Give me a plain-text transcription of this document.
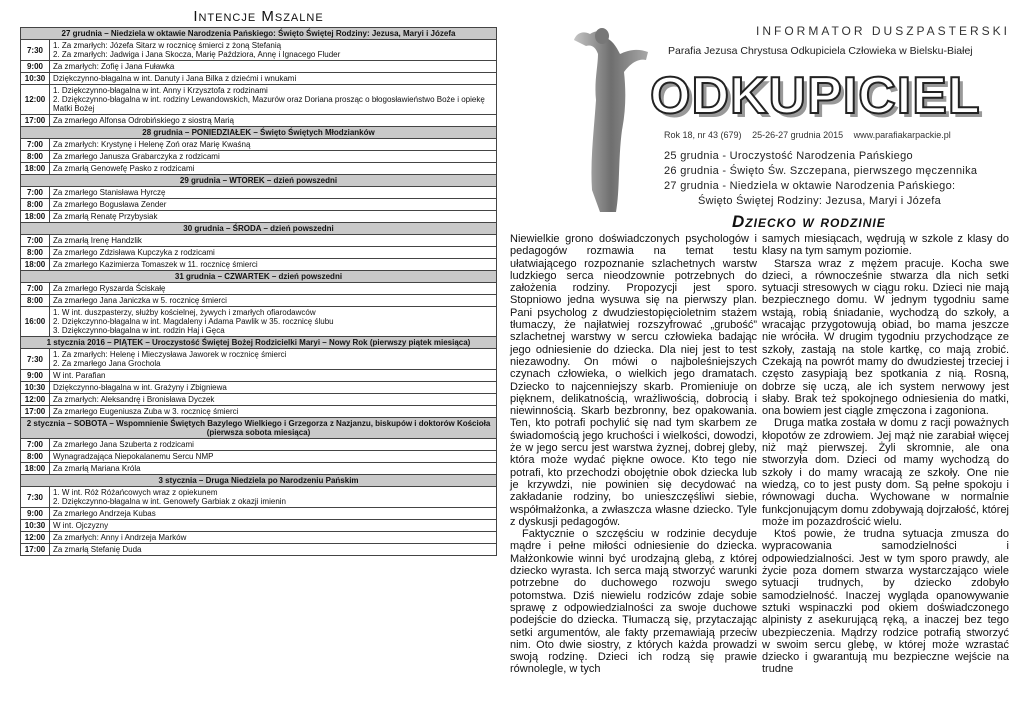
Intencje Mszalne
27 grudnia – Niedziela w oktawie Narodzenia Pańskiego: Święto Świętej Rodziny: Jezusa, Maryi i Józefa	
7:30	1. Za zmarłych: Józefa Sitarz w rocznicę śmierci z żoną Stefanią
2. Za zmarłych: Jadwiga i Jana Skocza, Marię Paździora, Annę i Ignacego Fluder

9:00	Za zmarłych: Zofię i Jana Fuławka

10:30	Dziękczynno-błagalna w int. Danuty i Jana Bilka z dziećmi i wnukami

12:00	1. Dziękczynno-błagalna w int. Anny i Krzysztofa z rodzinami
2. Dziękczynno-błagalna w int. rodziny Lewandowskich, Mazurów oraz Doriana prosząc o błogosławieństwo Boże i opiekę Matki Bożej

17:00	Za zmarłego Alfonsa Odrobińskiego z siostrą Marią

28 grudnia – PONIEDZIAŁEK – Święto Świętych Młodzianków	
7:00	Za zmarłych: Krystynę i Helenę Zoń oraz Marię Kwaśną

8:00	Za zmarłego Janusza Grabarczyka z rodzicami

18:00	Za zmarłą Genowefę Pasko z rodzicami

29 grudnia – WTOREK – dzień powszedni	
7:00	Za zmarłego Stanisława Hyrczę

8:00	Za zmarłego Bogusława Zender

18:00	Za zmarłą Renatę Przybysiak

30 grudnia – ŚRODA – dzień powszedni	
7:00	Za zmarłą Irenę Handzlik

8:00	Za zmarłego Zdzisława Kupczyka z rodzicami

18:00	Za zmarłego Kazimierza Tomaszek w 11. rocznicę śmierci

31 grudnia – CZWARTEK – dzień powszedni	
7:00	Za zmarłego Ryszarda Ściskałę

8:00	Za zmarłego Jana Janiczka w 5. rocznicę śmierci

16:00	1. W int. duszpasterzy, służby kościelnej, żywych i zmarłych ofiarodawców
2. Dziękczynno-błagalna w int. Magdaleny i Adama Pawlik w 35. rocznicę ślubu
3. Dziękczynno-błagalna w int. rodzin Haj i Gęca

1 stycznia 2016 – PIĄTEK – Uroczystość Świętej Bożej Rodzicielki Maryi – Nowy Rok (pierwszy piątek miesiąca)	
7:30	1. Za zmarłych: Helenę i Mieczysława Jaworek w rocznicę śmierci
2. Za zmarłego Jana Grochola

9:00	W int. Parafian

10:30	Dziękczynno-błagalna w int. Grażyny i Zbigniewa

12:00	Za zmarłych: Aleksandrę i Bronisława Dyczek

17:00	Za zmarłego Eugeniusza Zuba w 3. rocznicę śmierci

2 stycznia – SOBOTA – Wspomnienie Świętych Bazylego Wielkiego i Grzegorza z Nazjanzu, biskupów i doktorów Kościoła (pierwsza sobota miesiąca)	
7:00	Za zmarłego Jana Szuberta z rodzicami

8:00	Wynagradzająca Niepokalanemu Sercu NMP

18:00	Za zmarłą Mariana Króla

3 stycznia – Druga Niedziela po Narodzeniu Pańskim	
7:30	1. W int. Róż Różańcowych wraz z opiekunem
2. Dziękczynno-błagalna w int. Genowefy Garbiak z okazji imienin

9:00	Za zmarłego Andrzeja Kubas

10:30	W int. Ojczyzny

12:00	Za zmarłych: Anny i Andrzeja Marków

17:00	Za zmarłą Stefanię Duda
INFORMATOR DUSZPASTERSKI
Parafia Jezusa Chrystusa Odkupiciela Człowieka w Bielsku-Białej
ODKUPICIEL
Rok 18, nr 43 (679) 25-26-27 grudnia 2015 www.parafiakarpackie.pl
25 grudnia - Uroczystość Narodzenia Pańskiego
26 grudnia - Święto Św. Szczepana, pierwszego męczennika
27 grudnia - Niedziela w oktawie Narodzenia Pańskiego:
Święto Świętej Rodziny: Jezusa, Maryi i Józefa
Dziecko w rodzinie

Niewielkie grono doświadczonych psychologów i pedagogów rozmawia na temat testu ułatwiającego rozpoznanie szlachetnych warstw ludzkiego serca nieodzownie potrzebnych do założenia rodziny. Propozycji jest sporo. Stopniowo jedna wysuwa się na pierwszy plan. Pani psycholog z dwudziestopięcioletnim stażem tłumaczy, że najłatwiej rozszyfrować „grubość” szlachetnej warstwy w sercu człowieka badając jego odniesienie do dziecka. Dla niej jest to test niezawodny. On mówi o najboleśniejszych czynach człowieka, o wielkich jego dramatach. Dziecko to najcenniejszy skarb. Promieniuje on pięknem, delikatnością, wrażliwością, dobrocią i niewinnością. Skarb bezbronny, bez opakowania. Ten, kto potrafi pochylić się nad tym skarbem ze świadomością jego kruchości i wielkości, dowodzi, że w jego sercu jest warstwa żyznej, dobrej gleby, która może wydać piękne owoce. Kto tego nie potrafi, kto przechodzi obojętnie obok dziecka lub je krzywdzi, nie powinien się decydować na zakładanie rodziny, bo unieszczęśliwi siebie, współmałżonka, a zwłaszcza własne dziecko. Tyle z dyskusji pedagogów.

Faktycznie o szczęściu w rodzinie decyduje mądre i pełne miłości odniesienie do dziecka. Małżonkowie winni być urodzajną glebą, z której dziecko wyrasta. Ich serca mają stworzyć warunki potrzebne do duchowego rozwoju swego potomstwa. Dziś niewielu rodziców zdaje sobie sprawę z odpowiedzialności za swoje duchowe podejście do dziecka. Tłumaczą się, przytaczając setki argumentów, ale fakty przemawiają przeciw nim. Oto dwie siostry, z których każda prowadzi swoją rodzinę. Dzieci ich rodzą się prawie równolegle, w tych

samych miesiącach, wędrują w szkole z klasy do klasy na tym samym poziomie.

Starsza wraz z mężem pracuje. Kocha swe dzieci, a równocześnie stwarza dla nich setki sytuacji stresowych w ciągu roku. Dzieci nie mają bezpiecznego domu. W jednym tygodniu same wstają, robią śniadanie, wychodzą do szkoły, a wracając przygotowują obiad, bo mama jeszcze nie wróciła. W drugim tygodniu przychodzące ze szkoły, zastają na stole kartkę, co mają zrobić. Czekają na powrót mamy do dwudziestej trzeciej i często zasypiają bez spotkania z nią. Rosną, dobrze się uczą, ale ich system nerwowy jest słaby. Brak też spokojnego odniesienia do matki, ona bowiem jest ciągle zmęczona i zagoniona.

Druga matka została w domu z racji poważnych kłopotów ze zdrowiem. Jej mąż nie zarabiał więcej niż mąż pierwszej. Żyli skromnie, ale ona stworzyła dom. Dzieci od mamy wychodzą do szkoły i do mamy wracają ze szkoły. One nie wiedzą, co to jest pusty dom. Są pełne spokoju i równowagi ducha. Wychowane w normalnie funkcjonującym domu zdobywają dojrzałość, której może im pozazdrościć wielu.

Ktoś powie, że trudna sytuacja zmusza do wypracowania samodzielności i odpowiedzialności. Jest w tym sporo prawdy, ale życie poza domem stwarza wystarczająco wiele sytuacji trudnych, by dziecko zdobyło samodzielność. Inaczej wygląda opanowywanie sztuki wspinaczki pod okiem doświadczonego alpinisty z asekurującą ręką, a inaczej bez tego ubezpieczenia. Mądrzy rodzice potrafią stworzyć w swoim sercu glebę, w której może wzrastać dziecko i gwarantują mu bezpieczne wejście na trudne
